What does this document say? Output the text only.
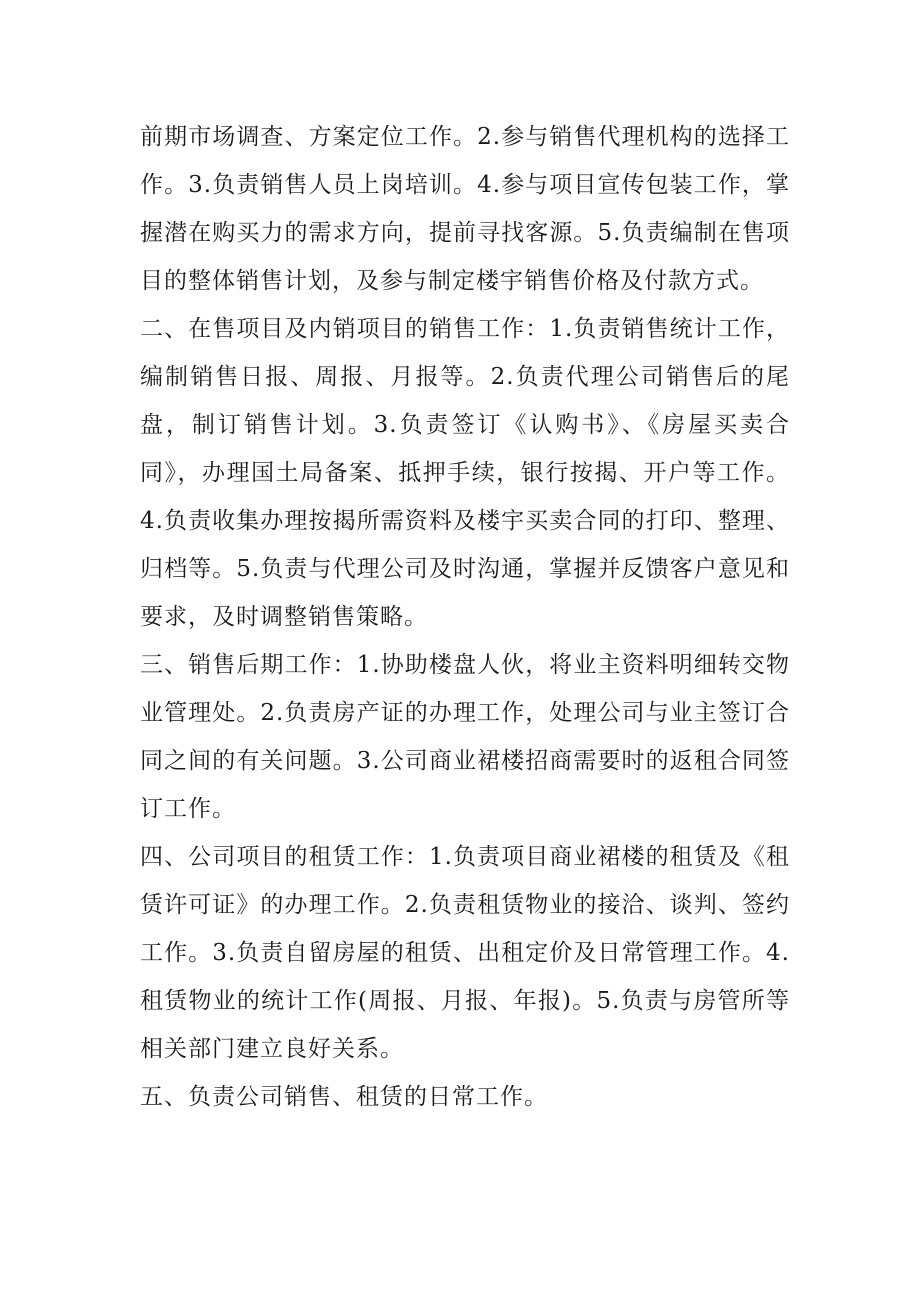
前期市场调查、方案定位工作。2.参与销售代理机构的选择工作。3.负责销售人员上岗培训。4.参与项目宣传包装工作，掌握潜在购买力的需求方向，提前寻找客源。5.负责编制在售项目的整体销售计划，及参与制定楼宇销售价格及付款方式。

二、在售项目及内销项目的销售工作：1.负责销售统计工作，编制销售日报、周报、月报等。2.负责代理公司销售后的尾盘，制订销售计划。3.负责签订《认购书》、《房屋买卖合同》，办理国土局备案、抵押手续，银行按揭、开户等工作。4.负责收集办理按揭所需资料及楼宇买卖合同的打印、整理、归档等。5.负责与代理公司及时沟通，掌握并反馈客户意见和要求，及时调整销售策略。

三、销售后期工作：1.协助楼盘人伙，将业主资料明细转交物业管理处。2.负责房产证的办理工作，处理公司与业主签订合同之间的有关问题。3.公司商业裙楼招商需要时的返租合同签订工作。

四、公司项目的租赁工作：1.负责项目商业裙楼的租赁及《租赁许可证》的办理工作。2.负责租赁物业的接洽、谈判、签约工作。3.负责自留房屋的租赁、出租定价及日常管理工作。4.租赁物业的统计工作(周报、月报、年报)。5.负责与房管所等相关部门建立良好关系。

五、负责公司销售、租赁的日常工作。
